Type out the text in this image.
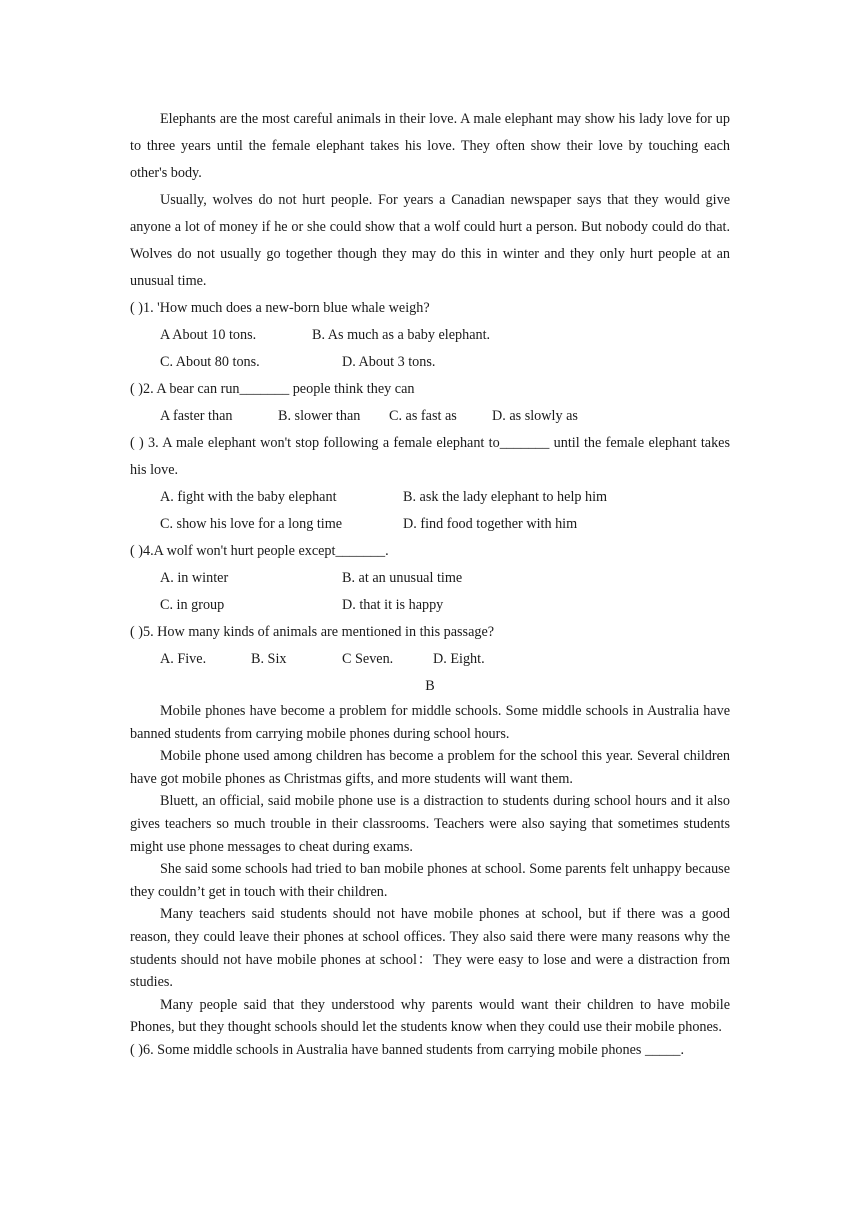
Elephants are the most careful animals in their love. A male elephant may show his lady love for up to three years until the female elephant takes his love. They often show their love by touching each other's body.

Usually, wolves do not hurt people. For years a Canadian newspaper says that they would give anyone a lot of money if he or she could show that a wolf could hurt a person. But nobody could do that. Wolves do not usually go together though they may do this in winter and they only hurt people at an unusual time.

( )1. 'How much does a new-born blue whale weigh?

A About 10 tons.	B. As much as a baby elephant.
C. About 80 tons.	D. About 3 tons.

( )2. A bear can run_______ people think they can

A faster than	B. slower than C. as fast as D. as slowly as

( ) 3. A male elephant won't stop following a female elephant to_______ until the female elephant takes his love.

A. fight with the baby elephant	B. ask the lady elephant to help him
C. show his love for a long time	D. find food together with him

( )4.A wolf won't hurt people except_______.

A. in winter	B. at an unusual time
C. in group	D. that it is happy

( )5. How many kinds of animals are mentioned in this passage?

A. Five.	B. Six	C Seven.	D. Eight.

B

Mobile phones have become a problem for middle schools. Some middle schools in Australia have banned students from carrying mobile phones during school hours.

Mobile phone used among children has become a problem for the school this year. Several children have got mobile phones as Christmas gifts, and more students will want them.

Bluett, an official, said mobile phone use is a distraction to students during school hours and it also gives teachers so much trouble in their classrooms. Teachers were also saying that sometimes students might use phone messages to cheat during exams.

She said some schools had tried to ban mobile phones at school. Some parents felt unhappy because they couldn’t get in touch with their children.

Many teachers said students should not have mobile phones at school, but if there was a good reason, they could leave their phones at school offices. They also said there were many reasons why the students should not have mobile phones at school：They were easy to lose and were a distraction from studies.

Many people said that they understood why parents would want their children to have mobile Phones, but they thought schools should let the students know when they could use their mobile phones.

( )6. Some middle schools in Australia have banned students from carrying mobile phones _____.
